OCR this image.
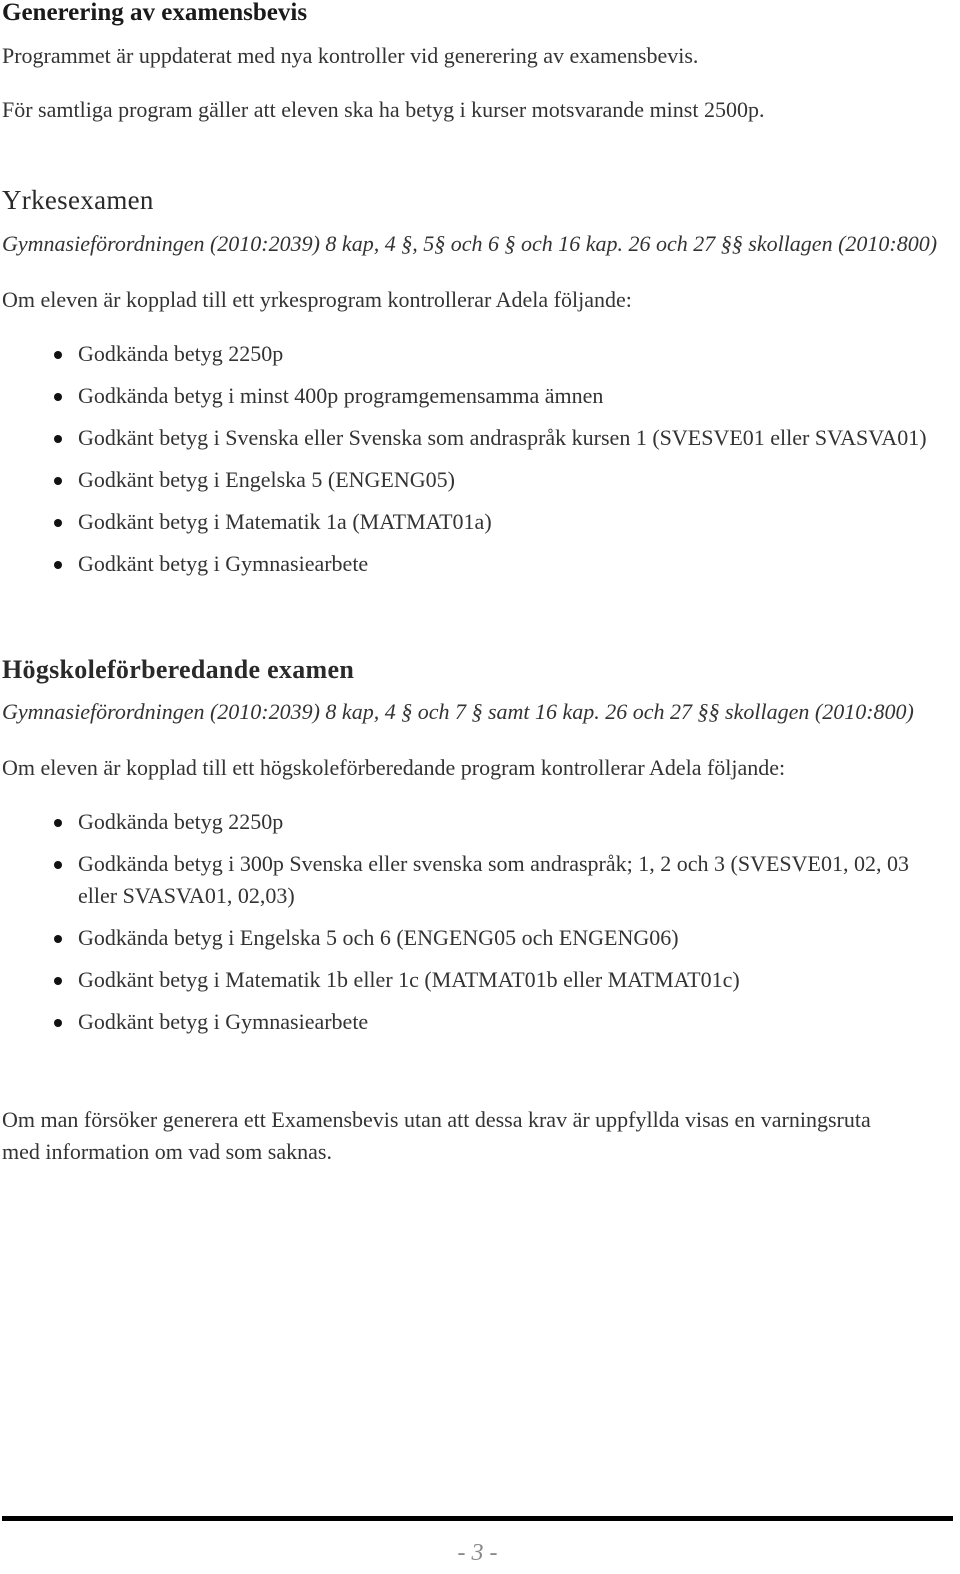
Generering av examensbevis

Programmet är uppdaterat med nya kontroller vid generering av examensbevis.

För samtliga program gäller att eleven ska ha betyg i kurser motsvarande minst 2500p.

Yrkesexamen

Gymnasieförordningen (2010:2039) 8 kap, 4 §, 5§ och 6 § och 16 kap. 26 och 27 §§ skollagen (2010:800)

Om eleven är kopplad till ett yrkesprogram kontrollerar Adela följande:

Godkända betyg 2250p
Godkända betyg i minst 400p programgemensamma ämnen
Godkänt betyg i Svenska eller Svenska som andraspråk kursen 1 (SVESVE01 eller SVASVA01)
Godkänt betyg i Engelska 5 (ENGENG05)
Godkänt betyg i Matematik 1a (MATMAT01a)
Godkänt betyg i Gymnasiearbete
Högskoleförberedande examen

Gymnasieförordningen (2010:2039) 8 kap, 4 § och 7 § samt 16 kap. 26 och 27 §§ skollagen (2010:800)

Om eleven är kopplad till ett högskoleförberedande program kontrollerar Adela följande:

Godkända betyg 2250p
Godkända betyg i 300p Svenska eller svenska som andraspråk; 1, 2 och 3 (SVESVE01, 02, 03 eller SVASVA01, 02,03)
Godkända betyg i Engelska 5 och 6 (ENGENG05 och ENGENG06)
Godkänt betyg i Matematik 1b eller 1c (MATMAT01b eller MATMAT01c)
Godkänt betyg i Gymnasiearbete

Om man försöker generera ett Examensbevis utan att dessa krav är uppfyllda visas en varningsruta med information om vad som saknas.

- 3 -
